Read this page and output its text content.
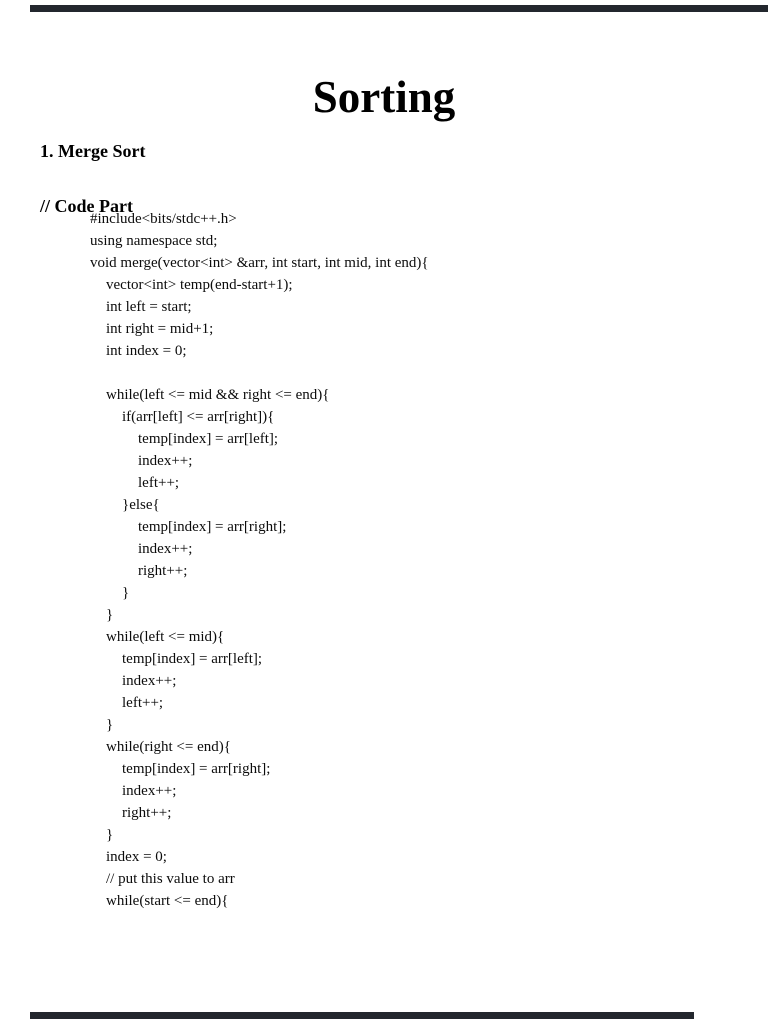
Sorting
1. Merge Sort
// Code Part
#include<bits/stdc++.h>
using namespace std;
void merge(vector<int> &arr, int start, int mid, int end){
vector<int> temp(end-start+1);
int left = start;
int right = mid+1;
int index = 0;
while(left <= mid && right <= end){
if(arr[left] <= arr[right]){
temp[index] = arr[left];
index++;
left++;
}else{
temp[index] = arr[right];
index++;
right++;
}
}
while(left <= mid){
temp[index] = arr[left];
index++;
left++;
}
while(right <= end){
temp[index] = arr[right];
index++;
right++;
}
index = 0;
// put this value to arr
while(start <= end){
